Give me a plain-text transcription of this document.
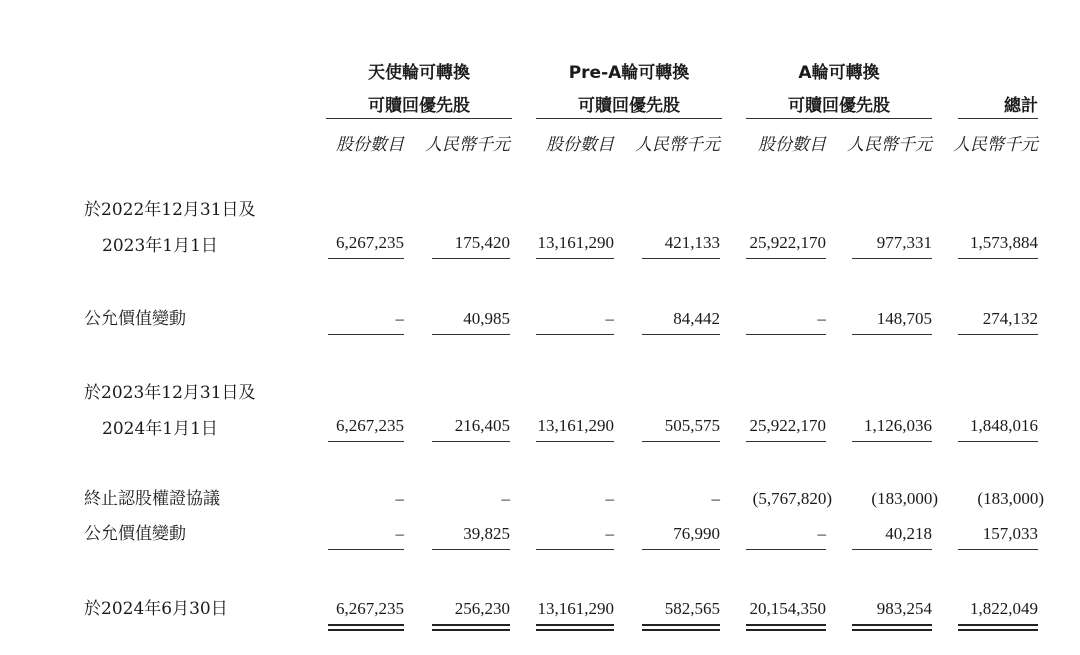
天使輪可轉換
可贖回優先股
Pre-A輪可轉換
可贖回優先股
A輪可轉換
可贖回優先股	總計
股份數目	人民幣千元	股份數目	人民幣千元	股份數目	人民幣千元	人民幣千元
於2022年12月31日及
2023年1月1日	6,267,235	175,420	13,161,290	421,133	25,922,170	977,331	1,573,884
公允價值變動	–	40,985	–	84,442	–	148,705	274,132
於2023年12月31日及
2024年1月1日	6,267,235	216,405	13,161,290	505,575	25,922,170	1,126,036	1,848,016
終止認股權證協議	–	–	–	–	(5,767,820)	(183,000)	(183,000)
公允價值變動	–	39,825	–	76,990	–	40,218	157,033
於2024年6月30日	6,267,235	256,230	13,161,290	582,565	20,154,350	983,254	1,822,049
